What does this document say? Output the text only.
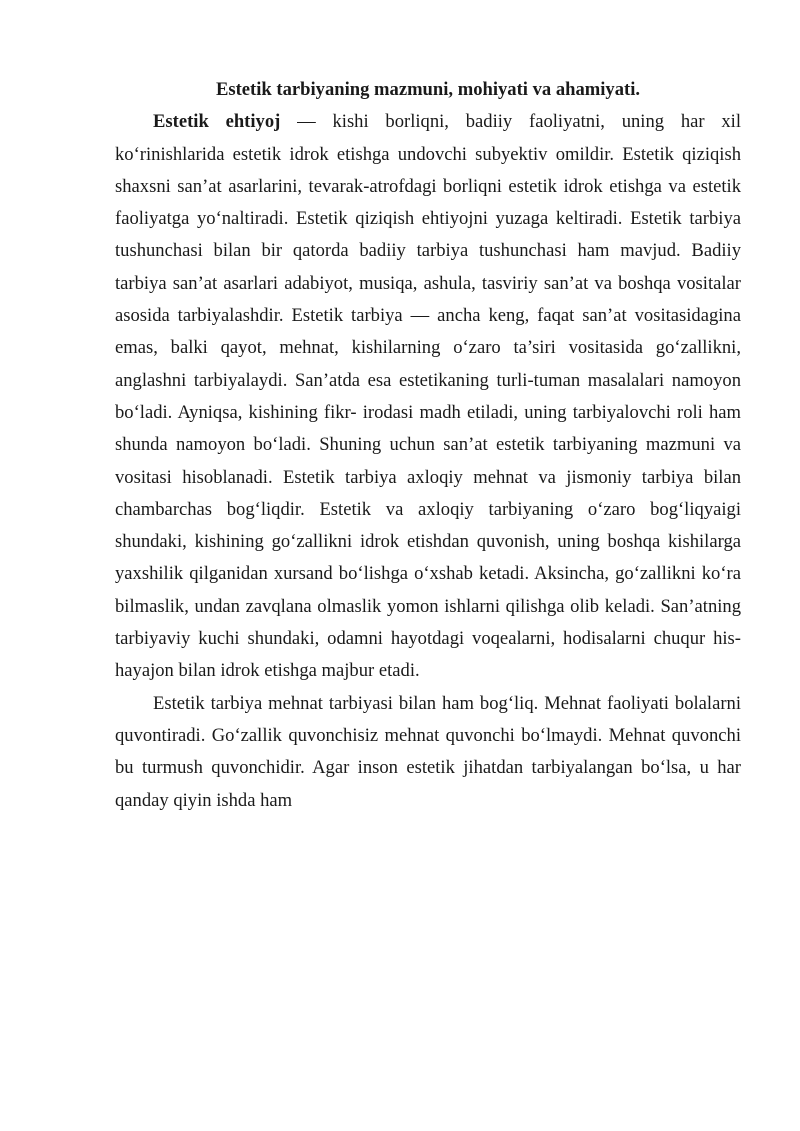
Estetik tarbiyaning mazmuni, mohiyati va ahamiyati.

Estetik ehtiyoj — kishi borliqni, badiiy faoliyatni, uning har xil ko‘rinishlarida estetik idrok etishga undovchi subyektiv omildir. Estetik qiziqish shaxsni san’at asarlarini, tevarak-atrofdagi borliqni estetik idrok etishga va estetik faoliyatga yo‘naltiradi. Estetik qiziqish ehtiyojni yuzaga keltiradi. Estetik tarbiya tushunchasi bilan bir qatorda badiiy tarbiya tushunchasi ham mavjud. Badiiy tarbiya san’at asarlari adabiyot, musiqa, ashula, tasviriy san’at va boshqa vositalar asosida tarbiyalashdir. Estetik tarbiya — ancha keng, faqat san’at vositasidagina emas, balki qayot, mehnat, kishilarning o‘zaro ta’siri vositasida go‘zallikni, anglashni tarbiyalaydi. San’atda esa estetikaning turli-tuman masalalari namoyon bo‘ladi. Ayniqsa, kishining fikr- irodasi madh etiladi, uning tarbiyalovchi roli ham shunda namoyon bo‘ladi. Shuning uchun san’at estetik tarbiyaning mazmuni va vositasi hisoblanadi. Estetik tarbiya axloqiy mehnat va jismoniy tarbiya bilan chambarchas bog‘liqdir. Estetik va axloqiy tarbiyaning o‘zaro bog‘liqyaigi shundaki, kishining go‘zallikni idrok etishdan quvonish, uning boshqa kishilarga yaxshilik qilganidan xursand bo‘lishga o‘xshab ketadi. Aksincha, go‘zallikni ko‘ra bilmaslik, undan zavqlana olmaslik yomon ishlarni qilishga olib keladi. San’atning tarbiyaviy kuchi shundaki, odamni hayotdagi voqealarni, hodisalarni chuqur his-hayajon bilan idrok etishga majbur etadi.

Estetik tarbiya mehnat tarbiyasi bilan ham bog‘liq. Mehnat faoliyati bolalarni quvontiradi. Go‘zallik quvonchisiz mehnat quvonchi bo‘lmaydi. Mehnat quvonchi bu turmush quvonchidir. Agar inson estetik jihatdan tarbiyalangan bo‘lsa, u har qanday qiyin ishda ham
